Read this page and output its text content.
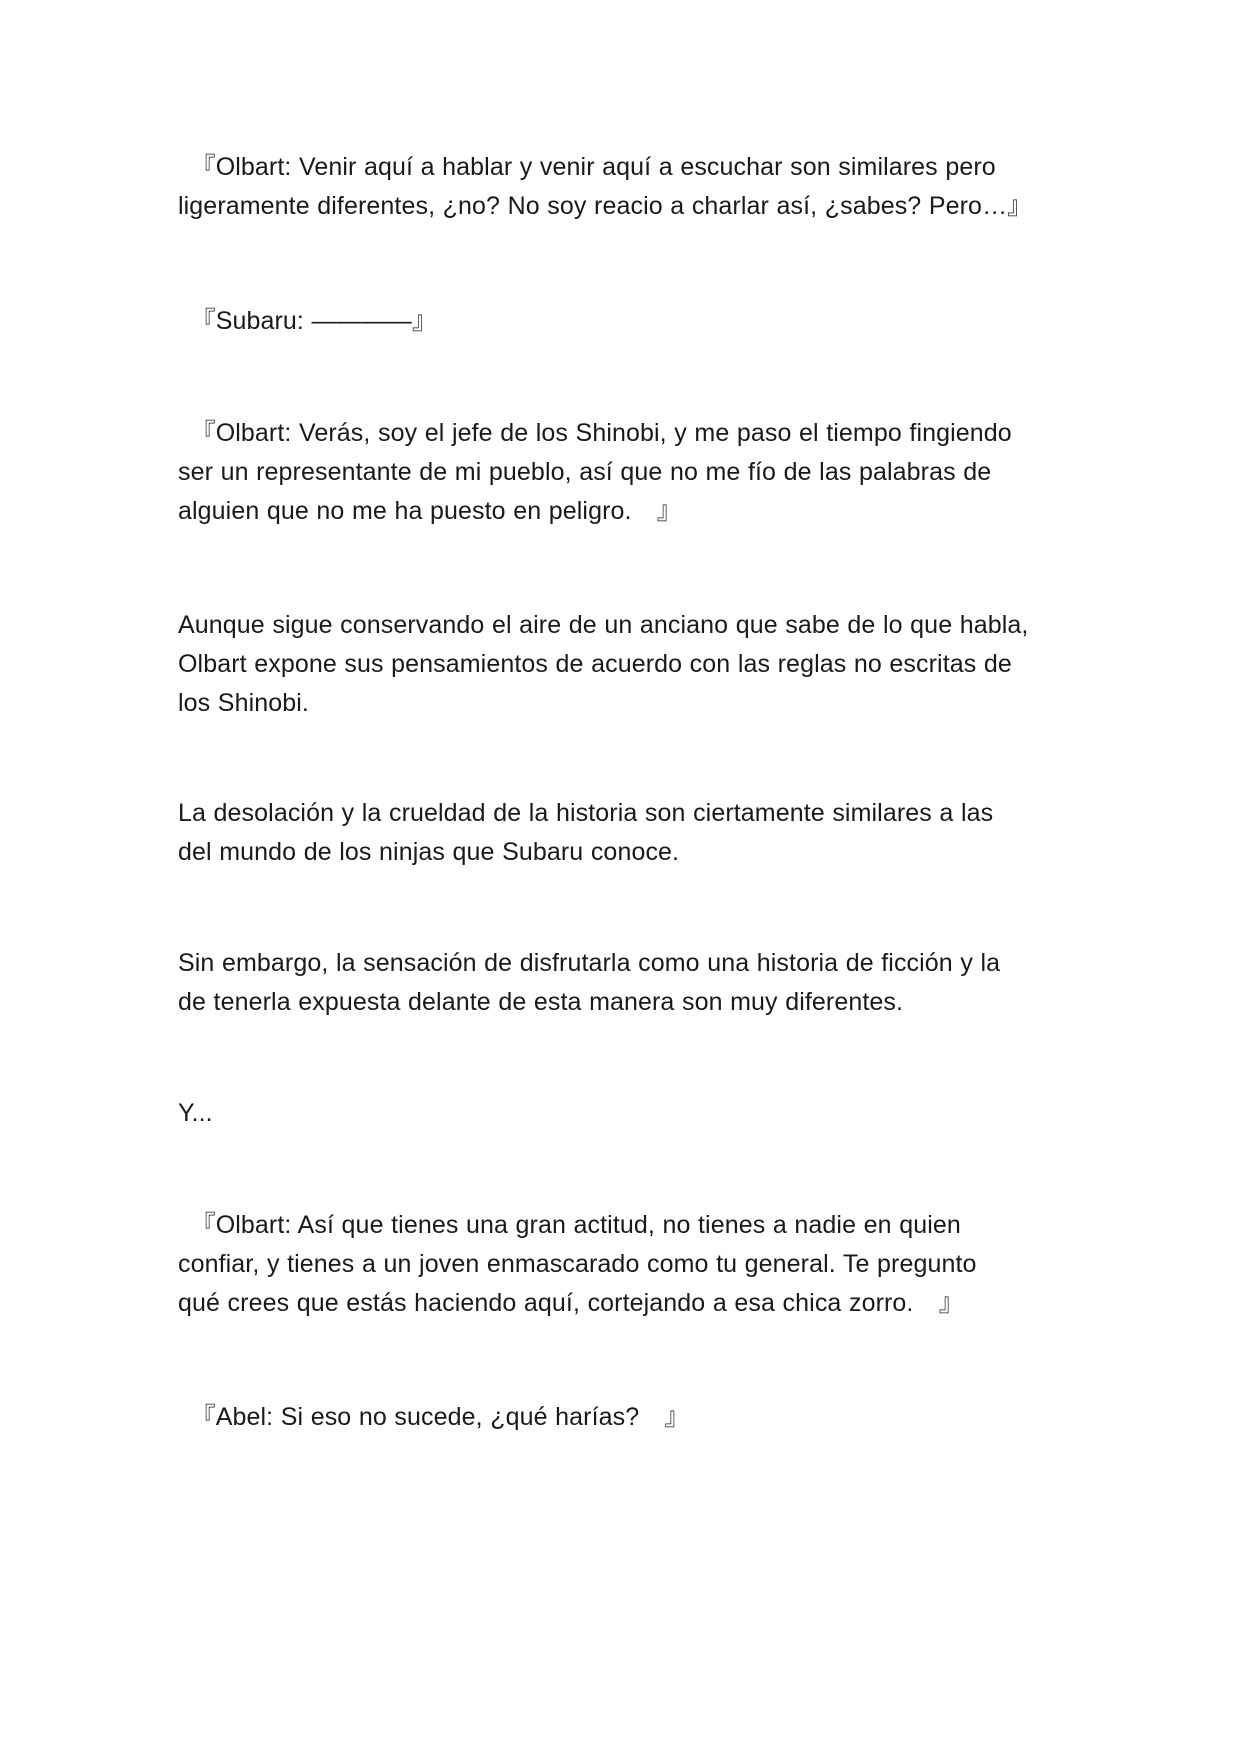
　『Olbart: Venir aquí a hablar y venir aquí a escuchar son similares pero
ligeramente diferentes, ¿no? No soy reacio a charlar así, ¿sabes? Pero…』

　『Subaru: ――――』

　『Olbart: Verás, soy el jefe de los Shinobi, y me paso el tiempo fingiendo
ser un representante de mi pueblo, así que no me fío de las palabras de
alguien que no me ha puesto en peligro.　』

Aunque sigue conservando el aire de un anciano que sabe de lo que habla,
Olbart expone sus pensamientos de acuerdo con las reglas no escritas de
los Shinobi.

La desolación y la crueldad de la historia son ciertamente similares a las
del mundo de los ninjas que Subaru conoce.

Sin embargo, la sensación de disfrutarla como una historia de ficción y la
de tenerla expuesta delante de esta manera son muy diferentes.

Y...

　『Olbart: Así que tienes una gran actitud, no tienes a nadie en quien
confiar, y tienes a un joven enmascarado como tu general. Te pregunto
qué crees que estás haciendo aquí, cortejando a esa chica zorro.　』

　『Abel: Si eso no sucede, ¿qué harías?　』
